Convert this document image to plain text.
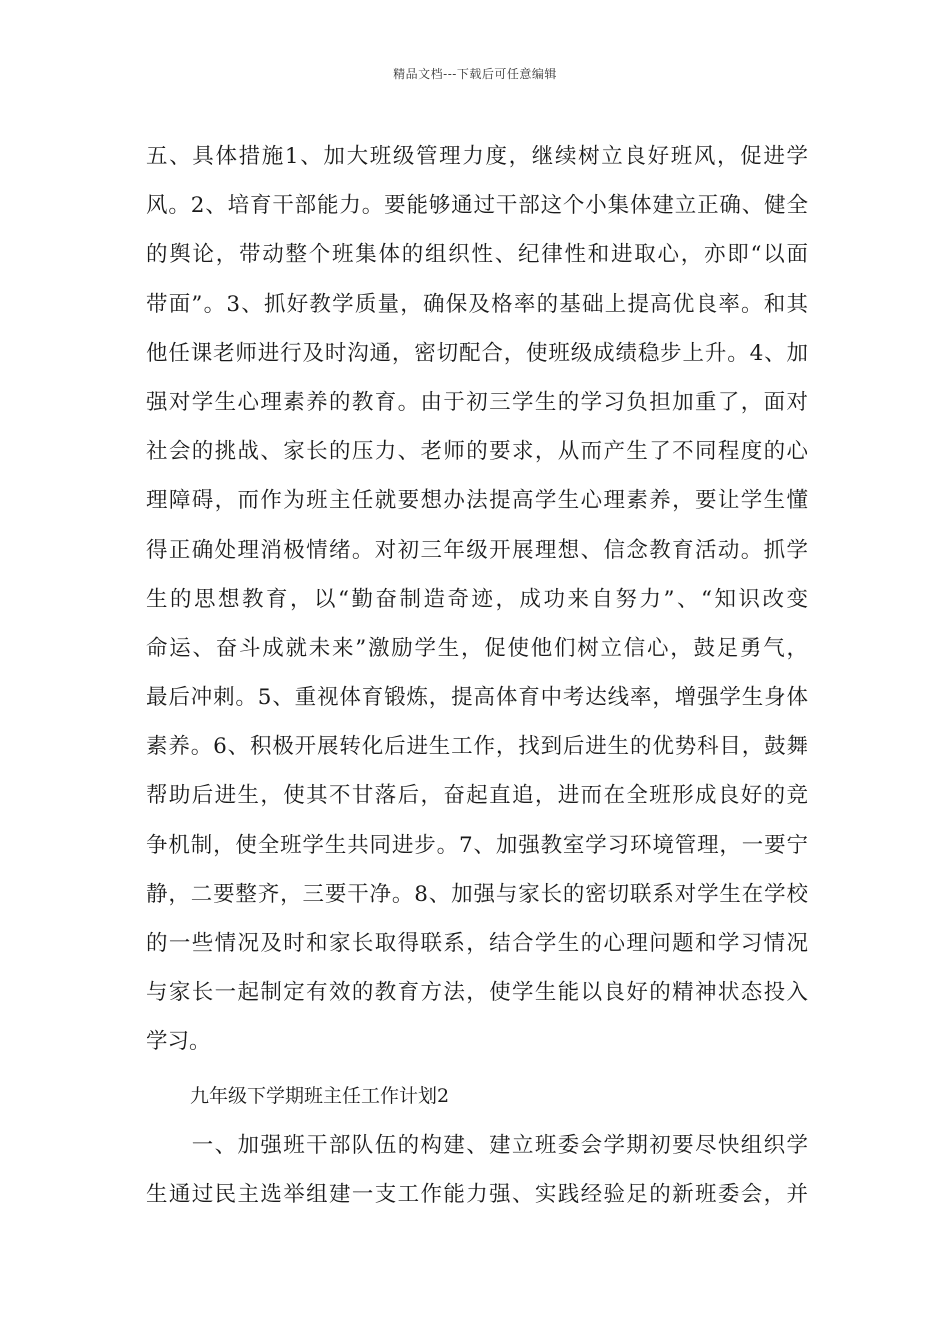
精品文档---下载后可任意编辑
五、具体措施1、加大班级管理力度，继续树立良好班风，促进学
风。2、培育干部能力。要能够通过干部这个小集体建立正确、健全
的舆论，带动整个班集体的组织性、纪律性和进取心，亦即“以面
带面”。3、抓好教学质量，确保及格率的基础上提高优良率。和其
他任课老师进行及时沟通，密切配合，使班级成绩稳步上升。4、加
强对学生心理素养的教育。由于初三学生的学习负担加重了，面对
社会的挑战、家长的压力、老师的要求，从而产生了不同程度的心
理障碍，而作为班主任就要想办法提高学生心理素养，要让学生懂
得正确处理消极情绪。对初三年级开展理想、信念教育活动。抓学
生的思想教育，以“勤奋制造奇迹，成功来自努力”、“知识改变
命运、奋斗成就未来”激励学生，促使他们树立信心，鼓足勇气，
最后冲刺。5、重视体育锻炼，提高体育中考达线率，增强学生身体
素养。6、积极开展转化后进生工作，找到后进生的优势科目，鼓舞
帮助后进生，使其不甘落后，奋起直追，进而在全班形成良好的竞
争机制，使全班学生共同进步。7、加强教室学习环境管理，一要宁
静，二要整齐，三要干净。8、加强与家长的密切联系对学生在学校
的一些情况及时和家长取得联系，结合学生的心理问题和学习情况
与家长一起制定有效的教育方法，使学生能以良好的精神状态投入
学习。
九年级下学期班主任工作计划2
　　一、加强班干部队伍的构建、建立班委会学期初要尽快组织学
生通过民主选举组建一支工作能力强、实践经验足的新班委会，并
